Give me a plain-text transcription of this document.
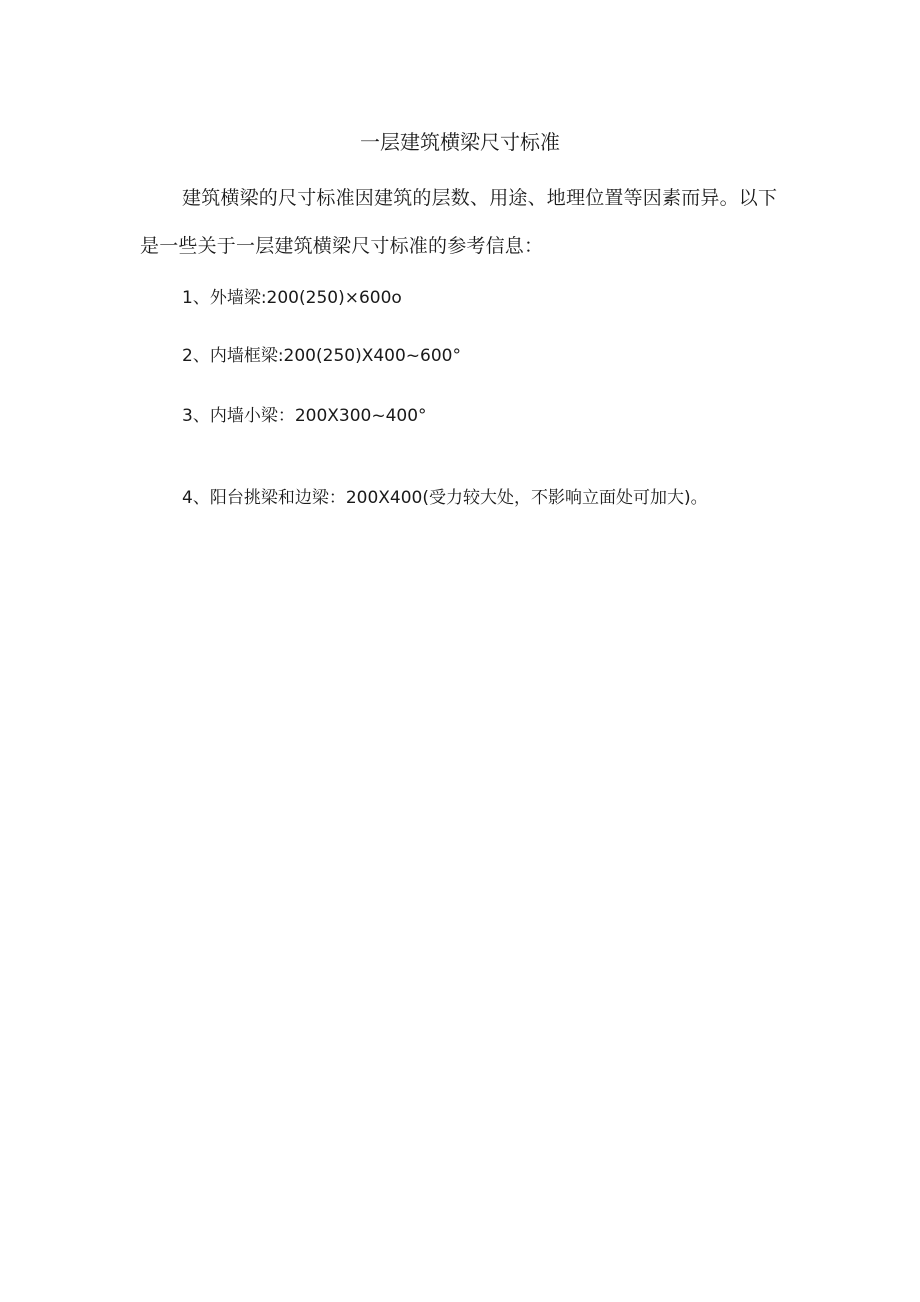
一层建筑横梁尺寸标准

建筑横梁的尺寸标准因建筑的层数、用途、地理位置等因素而异。以下是一些关于一层建筑横梁尺寸标准的参考信息：

1、外墙梁:200(250)×600o

2、内墙框梁:200(250)X400~600°

3、内墙小梁：200X300~400°

4、阳台挑梁和边梁：200X400(受力较大处，不影响立面处可加大)。
